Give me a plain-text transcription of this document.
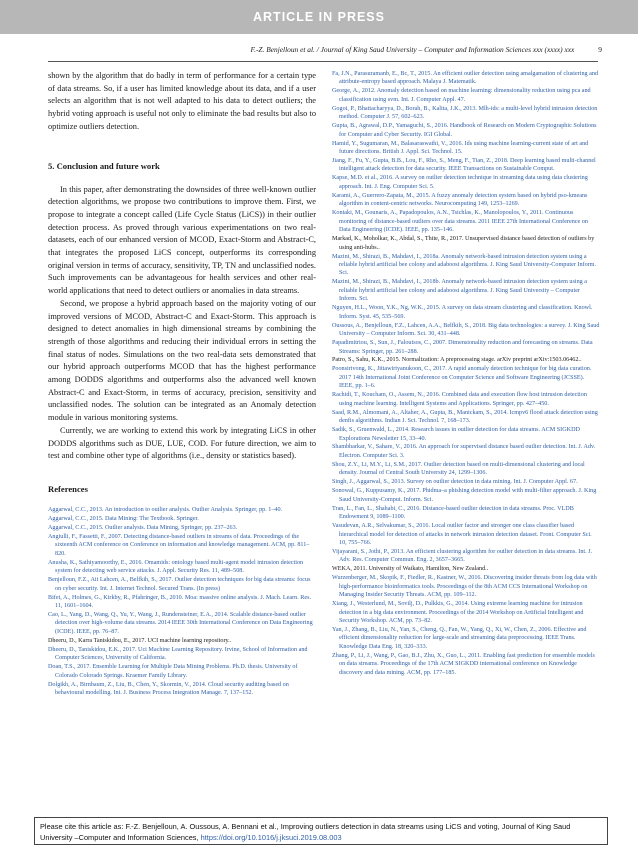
ARTICLE IN PRESS
F.-Z. Benjelloun et al. / Journal of King Saud University – Computer and Information Sciences xxx (xxxx) xxx	9

shown by the algorithm that do badly in term of performance for a certain type of data streams. So, if a user has limited knowledge about its data, and if a user selects an algorithm that is not well adapted to his data to detect outliers; the hybrid voting approach is useful not only to eliminate the bad results but also to optimize outliers detection.

5. Conclusion and future work

In this paper, after demonstrating the downsides of three well-known outlier detection algorithms, we propose two contributions to improve them. First, we propose to integrate a concept called (Life Cycle Status (LiCS)) in their outlier detection process. As proved through various experimentations on two real-datasets, each of our enhanced version of MCOD, Exact-Storm and Abstract-C, that integrates the proposed LiCS concept, outperforms its corresponding original version in terms of accuracy, sensitivity, TP, TN and unclassified nodes. Such improvements can be advantageous for health services and other real-world applications that need to detect outliers or anomalies in data streams.

Second, we propose a hybrid approach based on the majority voting of our improved versions of MCOD, Abstract-C and Exact-Storm. This approach is designed to detect anomalies in high dimensional streams by combining the strength of those algorithms and reducing their individual errors in setting the final status of nodes. Simulations on the two real-data sets demonstrated that our hybrid approach outperforms MCOD that has the highest performance among DODDS algorithms and outperforms also the advanced well known Abstract-C and Exact-Storm, in terms of accuracy, precision, sensitivity and unclassified nodes. The solution can be integrated as an Anomaly detection module in various monitoring systems.

Currently, we are working to extend this work by integrating LiCS in other DODDS algorithms such as DUE, LUE, COD. For future direction, we aim to test and combine other type of algorithms (i.e., density or statistics based).

References

Aggarwal, C.C., 2013. An introduction to outlier analysis. Outlier Analysis. Springer, pp. 1–40.
Aggarwal, C.C., 2015. Data Mining: The Textbook. Springer.
Aggarwal, C.C., 2015. Outlier analysis. Data Mining, Springer, pp. 237–263.
Angiulli, F., Fassetti, F., 2007. Detecting distance-based outliers in streams of data. Proceedings of the sixteenth ACM conference on Conference on information and knowledge management. ACM, pp. 811–820.
Anusha, K., Sathiyamoorthy, E., 2016. Omamids: ontology based multi-agent model intrusion detection system for detecting web service attacks. J. Appl. Security Res. 11, 489–508.
Benjelloun, F.Z., Ait Lahcen, A., Belfkih, S., 2017. Outlier detection techniques for big data streams: focus on cyber security. Int. J. Internet Technol. Secured Trans. (In press)
Bifet, A., Holmes, G., Kirkby, R., Pfahringer, B., 2010. Moa: massive online analysis. J. Mach. Learn. Res. 11, 1601–1604.
Cao, L., Yang, D., Wang, Q., Yu, Y., Wang, J., Rundensteiner, E.A., 2014. Scalable distance-based outlier detection over high-volume data streams. 2014 IEEE 30th International Conference on Data Engineering (ICDE). IEEE, pp. 76–87.
Dheeru, D., Karra Taniskidou, E., 2017. UCI machine learning repository..
Dheeru, D., Taniskidou, E.K., 2017. Uci Machine Learning Repository. Irvine, School of Information and Computer Sciences, University of California.
Doan, T.S., 2017. Ensemble Learning for Multiple Data Mining Problems. Ph.D. thesis. University of Colorado Colorado Springs. Kraemer Family Library.
Dolgikh, A., Birnbaum, Z., Liu, B., Chen, Y., Skormin, V., 2014. Cloud security auditing based on behavioural modelling. Int. J. Business Process Integration Manage. 7, 137–152.
Fa, J.N., Parasuramanb, E., Bc, T., 2015. An efficient outlier detection using amalgamation of clustering and attribute-entropy based approach. Malaya J. Matematik.
George, A., 2012. Anomaly detection based on machine learning: dimensionality reduction using pca and classification using svm. Int. J. Computer Appl. 47.
Gogoi, P., Bhattacharyya, D., Borah, B., Kalita, J.K., 2013. Mlh-ids: a multi-level hybrid intrusion detection method. Computer J. 57, 602–623.
Gupta, B., Agrawal, D.P., Yamaguchi, S., 2016. Handbook of Research on Modern Cryptographic Solutions for Computer and Cyber Security. IGI Global.
Hamid, Y., Sugumaran, M., Balasaraswathi, V., 2016. Ids using machine learning-current state of art and future directions. British J. Appl. Sci. Technol. 15.
Jiang, F., Fu, Y., Gupta, B.B., Lou, F., Rho, S., Meng, F., Tian, Z., 2018. Deep learning based multi-channel intelligent attack detection for data security. IEEE Transactions on Sustainable Comput.
Kapse, M.D. et al., 2016. A survey on outlier detection technique in streaming data using data clustering approach. Int. J. Eng. Computer Sci. 5.
Karami, A., Guerrero-Zapata, M., 2015. A fuzzy anomaly detection system based on hybrid pso-kmeans algorithm in content-centric networks. Neurocomputing 149, 1253–1269.
Kontaki, M., Gounaris, A., Papadopoulos, A.N., Tsichlas, K., Manolopoulos, Y., 2011. Continuous monitoring of distance-based outliers over data streams. 2011 IEEE 27th International Conference on Data Engineering (ICDE). IEEE, pp. 135–146.
Markad, K., Moholkar, K., Abdal, S., Thite, R., 2017. Unsupervised distance based detection of outliers by using anti-hubs..
Mazini, M., Shirazi, B., Mahdavi, I., 2018a. Anomaly network-based intrusion detection system using a reliable hybrid artificial bee colony and adaboost algorithms. J. King Saud University-Computer Inform. Sci.
Mazini, M., Shirazi, B., Mahdavi, I., 2018b. Anomaly network-based intrusion detection system using a reliable hybrid artificial bee colony and adaboost algorithms. J. King Saud University – Computer Inform. Sci.
Nguyen, H.L., Woon, Y.K., Ng, W.K., 2015. A survey on data stream clustering and classification. Knowl. Inform. Syst. 45, 535–569.
Oussous, A., Benjelloun, F.Z., Lahcen, A.A., Belfkih, S., 2018. Big data technologies: a survey. J. King Saud University – Computer Inform. Sci. 30, 431–448.
Papadimitriou, S., Sun, J., Faloutsos, C., 2007. Dimensionality reduction and forecasting on streams. Data Streams: Springer, pp. 261–288.
Patro, S., Sahu, K.K., 2015. Normalization: A preprocessing stage. arXiv preprint arXiv:1503.06462..
Poonsirivong, K., Jittawiriyanukoon, C., 2017. A rapid anomaly detection technique for big data curation. 2017 14th International Joint Conference on Computer Science and Software Engineering (JCSSE). IEEE, pp. 1–6.
Rachidi, T., Koucham, O., Assem, N., 2016. Combined data and execution flow host intrusion detection using machine learning. Intelligent Systems and Applications. Springer, pp. 427–450.
Saad, R.M., Almomani, A., Altaher, A., Gupta, B., Manickam, S., 2014. Icmpv6 flood attack detection using denfis algorithms. Indian J. Sci. Technol. 7, 168–173.
Sadik, S., Gruenwald, L., 2014. Research issues in outlier detection for data streams. ACM SIGKDD Explorations Newsletter 15, 33–40.
Shambharkar, V., Sahare, V., 2016. An approach for supervised distance based outlier detection. Int. J. Adv. Electron. Computer Sci. 3.
Shou, Z.Y., Li, M.Y., Li, S.M., 2017. Outlier detection based on multi-dimensional clustering and local density. Journal of Central South University 24, 1299–1306.
Singh, J., Aggarwal, S., 2013. Survey on outlier detection in data mining. Int. J. Computer Appl. 67.
Sonowal, G., Kuppusamy, K., 2017. Phidma–a phishing detection model with multi-filter approach. J. King Saud University-Comput. Inform. Sci.
Tran, L., Fan, L., Shahabi, C., 2016. Distance-based outlier detection in data streams. Proc. VLDB Endowment 9, 1089–1100.
Vasudevan, A.R., Selvakumar, S., 2016. Local outlier factor and stronger one class classifier based hierarchical model for detection of attacks in network intrusion detection dataset. Front. Computer Sci. 10, 755–766.
Vijayarani, S., Jothi, P., 2013. An efficient clustering algorithm for outlier detection in data streams. Int. J. Adv. Res. Computer Commun. Eng. 2, 3657–3665.
WEKA, 2011. University of Waikato, Hamilton, New Zealand..
Wurzenberger, M., Skopik, F., Fiedler, R., Kastner, W., 2016. Discovering insider threats from log data with high-performance bioinformatics tools. Proceedings of the 8th ACM CCS International Workshop on Managing Insider Security Threats. ACM, pp. 109–112.
Xiang, J., Westerlund, M., Sovilj, D., Pulkkis, G., 2014. Using extreme learning machine for intrusion detection in a big data environment. Proceedings of the 2014 Workshop on Artificial Intelligent and Security Workshop. ACM, pp. 73–82.
Yan, J., Zhang, B., Liu, N., Yan, S., Cheng, Q., Fan, W., Yang, Q., Xi, W., Chen, Z., 2006. Effective and efficient dimensionality reduction for large-scale and streaming data preprocessing. IEEE Trans. Knowledge Data Eng. 18, 320–333.
Zhang, P., Li, J., Wang, P., Gao, B.J., Zhu, X., Guo, L., 2011. Enabling fast prediction for ensemble models on data streams. Proceedings of the 17th ACM SIGKDD international conference on Knowledge discovery and data mining. ACM, pp. 177–185.
Please cite this article as: F.-Z. Benjelloun, A. Oussous, A. Bennani et al., Improving outliers detection in data streams using LiCS and voting, Journal of King Saud University –Computer and Information Sciences, https://doi.org/10.1016/j.jksuci.2019.08.003
